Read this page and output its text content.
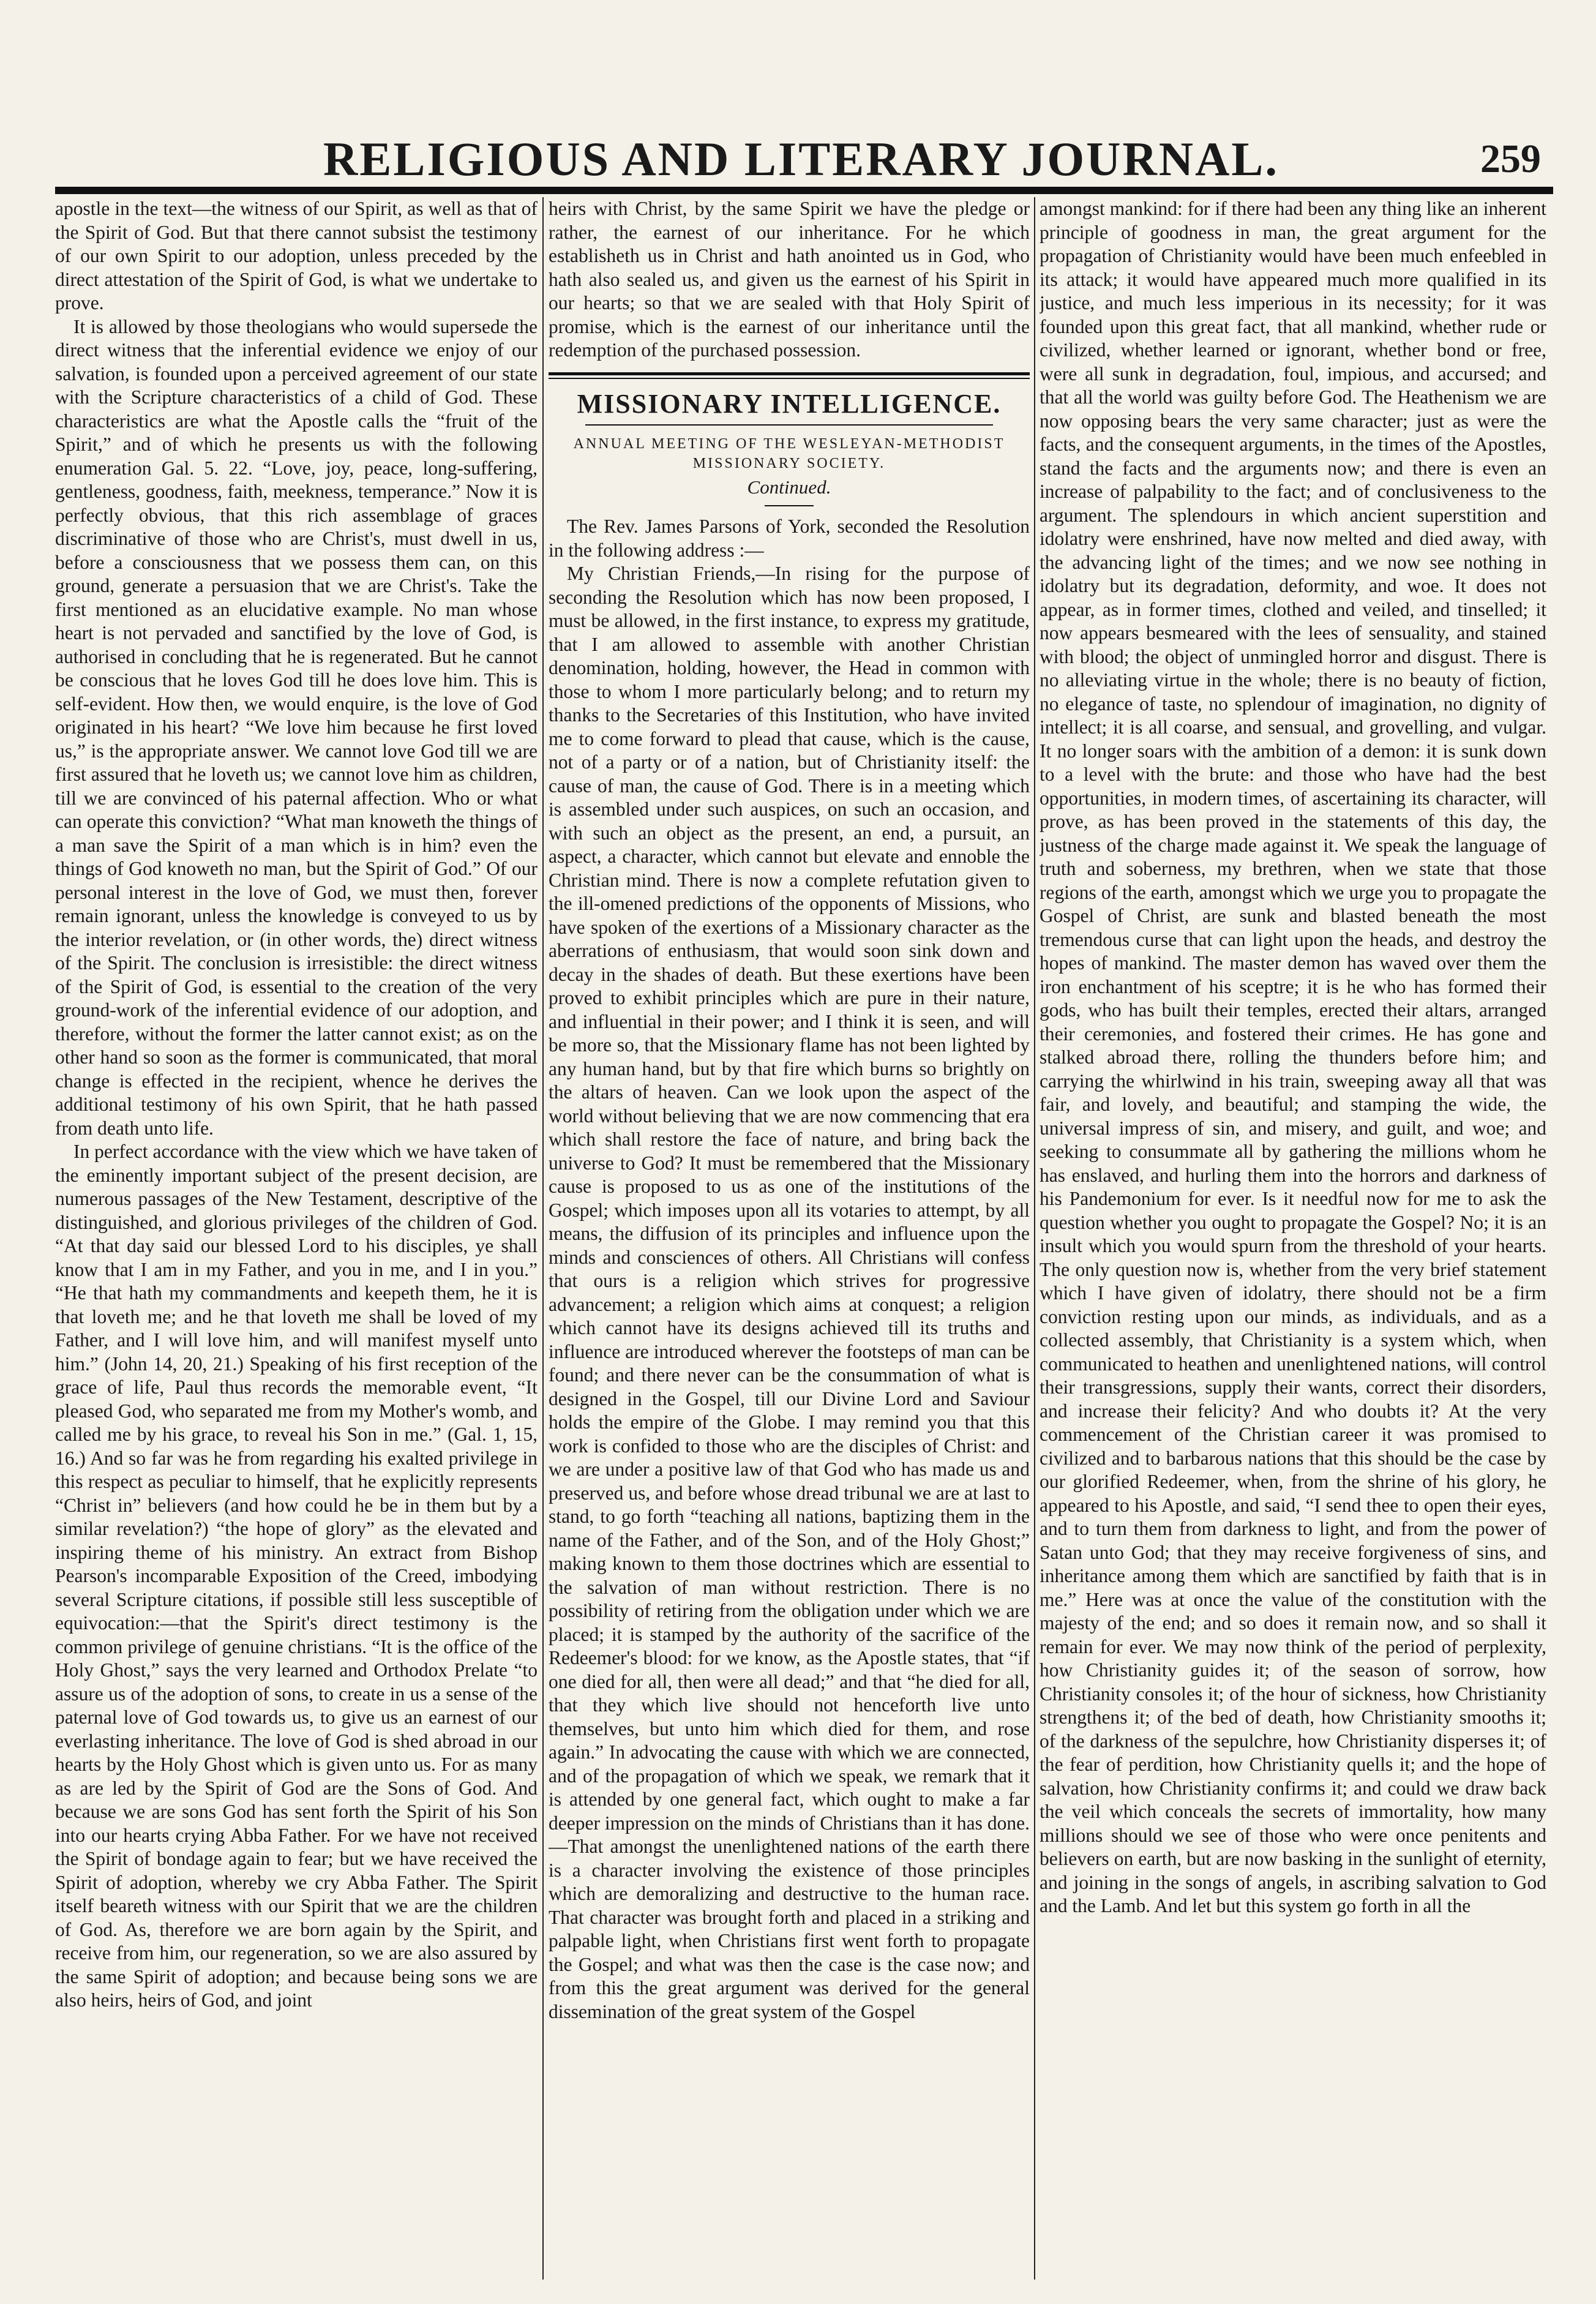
RELIGIOUS AND LITERARY JOURNAL.	259

apostle in the text—the witness of our Spirit, as well as that of the Spirit of God. But that there cannot subsist the testimony of our own Spirit to our adoption, unless preceded by the direct attestation of the Spirit of God, is what we undertake to prove.

It is allowed by those theologians who would supersede the direct witness that the inferential evidence we enjoy of our salvation, is founded upon a perceived agreement of our state with the Scripture characteristics of a child of God. These characteristics are what the Apostle calls the “fruit of the Spirit,” and of which he presents us with the following enumeration Gal. 5. 22. “Love, joy, peace, long-suffering, gentleness, goodness, faith, meekness, temperance.” Now it is perfectly obvious, that this rich assemblage of graces discriminative of those who are Christ's, must dwell in us, before a consciousness that we possess them can, on this ground, generate a persuasion that we are Christ's. Take the first mentioned as an elucidative example. No man whose heart is not pervaded and sanctified by the love of God, is authorised in concluding that he is regenerated. But he cannot be conscious that he loves God till he does love him. This is self-evident. How then, we would enquire, is the love of God originated in his heart? “We love him because he first loved us,” is the appropriate answer. We cannot love God till we are first assured that he loveth us; we cannot love him as children, till we are convinced of his paternal affection. Who or what can operate this conviction? “What man knoweth the things of a man save the Spirit of a man which is in him? even the things of God knoweth no man, but the Spirit of God.” Of our personal interest in the love of God, we must then, forever remain ignorant, unless the knowledge is conveyed to us by the interior revelation, or (in other words, the) direct witness of the Spirit. The conclusion is irresistible: the direct witness of the Spirit of God, is essential to the creation of the very ground-work of the inferential evidence of our adoption, and therefore, without the former the latter cannot exist; as on the other hand so soon as the former is communicated, that moral change is effected in the recipient, whence he derives the additional testimony of his own Spirit, that he hath passed from death unto life.

In perfect accordance with the view which we have taken of the eminently important subject of the present decision, are numerous passages of the New Testament, descriptive of the distinguished, and glorious privileges of the children of God. “At that day said our blessed Lord to his disciples, ye shall know that I am in my Father, and you in me, and I in you.” “He that hath my commandments and keepeth them, he it is that loveth me; and he that loveth me shall be loved of my Father, and I will love him, and will manifest myself unto him.” (John 14, 20, 21.) Speaking of his first reception of the grace of life, Paul thus records the memorable event, “It pleased God, who separated me from my Mother's womb, and called me by his grace, to reveal his Son in me.” (Gal. 1, 15, 16.) And so far was he from regarding his exalted privilege in this respect as peculiar to himself, that he explicitly represents “Christ in” believers (and how could he be in them but by a similar revelation?) “the hope of glory” as the elevated and inspiring theme of his ministry. An extract from Bishop Pearson's incomparable Exposition of the Creed, imbodying several Scripture citations, if possible still less susceptible of equivocation:—that the Spirit's direct testimony is the common privilege of genuine christians. “It is the office of the Holy Ghost,” says the very learned and Orthodox Prelate “to assure us of the adoption of sons, to create in us a sense of the paternal love of God towards us, to give us an earnest of our everlasting inheritance. The love of God is shed abroad in our hearts by the Holy Ghost which is given unto us. For as many as are led by the Spirit of God are the Sons of God. And because we are sons God has sent forth the Spirit of his Son into our hearts crying Abba Father. For we have not received the Spirit of bondage again to fear; but we have received the Spirit of adoption, whereby we cry Abba Father. The Spirit itself beareth witness with our Spirit that we are the children of God. As, therefore we are born again by the Spirit, and receive from him, our regeneration, so we are also assured by the same Spirit of adoption; and because being sons we are also heirs, heirs of God, and joint

heirs with Christ, by the same Spirit we have the pledge or rather, the earnest of our inheritance. For he which establisheth us in Christ and hath anointed us in God, who hath also sealed us, and given us the earnest of his Spirit in our hearts; so that we are sealed with that Holy Spirit of promise, which is the earnest of our inheritance until the redemption of the purchased possession.

MISSIONARY INTELLIGENCE.
ANNUAL MEETING OF THE WESLEYAN-METHODIST MISSIONARY SOCIETY.
Continued.

The Rev. James Parsons of York, seconded the Resolution in the following address :—

My Christian Friends,—In rising for the purpose of seconding the Resolution which has now been proposed, I must be allowed, in the first instance, to express my gratitude, that I am allowed to assemble with another Christian denomination, holding, however, the Head in common with those to whom I more particularly belong; and to return my thanks to the Secretaries of this Institution, who have invited me to come forward to plead that cause, which is the cause, not of a party or of a nation, but of Christianity itself: the cause of man, the cause of God. There is in a meeting which is assembled under such auspices, on such an occasion, and with such an object as the present, an end, a pursuit, an aspect, a character, which cannot but elevate and ennoble the Christian mind. There is now a complete refutation given to the ill-omened predictions of the opponents of Missions, who have spoken of the exertions of a Missionary character as the aberrations of enthusiasm, that would soon sink down and decay in the shades of death. But these exertions have been proved to exhibit principles which are pure in their nature, and influential in their power; and I think it is seen, and will be more so, that the Missionary flame has not been lighted by any human hand, but by that fire which burns so brightly on the altars of heaven. Can we look upon the aspect of the world without believing that we are now commencing that era which shall restore the face of nature, and bring back the universe to God? It must be remembered that the Missionary cause is proposed to us as one of the institutions of the Gospel; which imposes upon all its votaries to attempt, by all means, the diffusion of its principles and influence upon the minds and consciences of others. All Christians will confess that ours is a religion which strives for progressive advancement; a religion which aims at conquest; a religion which cannot have its designs achieved till its truths and influence are introduced wherever the footsteps of man can be found; and there never can be the consummation of what is designed in the Gospel, till our Divine Lord and Saviour holds the empire of the Globe. I may remind you that this work is confided to those who are the disciples of Christ: and we are under a positive law of that God who has made us and preserved us, and before whose dread tribunal we are at last to stand, to go forth “teaching all nations, baptizing them in the name of the Father, and of the Son, and of the Holy Ghost;” making known to them those doctrines which are essential to the salvation of man without restriction. There is no possibility of retiring from the obligation under which we are placed; it is stamped by the authority of the sacrifice of the Redeemer's blood: for we know, as the Apostle states, that “if one died for all, then were all dead;” and that “he died for all, that they which live should not henceforth live unto themselves, but unto him which died for them, and rose again.” In advocating the cause with which we are connected, and of the propagation of which we speak, we remark that it is attended by one general fact, which ought to make a far deeper impression on the minds of Christians than it has done.—That amongst the unenlightened nations of the earth there is a character involving the existence of those principles which are demoralizing and destructive to the human race. That character was brought forth and placed in a striking and palpable light, when Christians first went forth to propagate the Gospel; and what was then the case is the case now; and from this the great argument was derived for the general dissemination of the great system of the Gospel

amongst mankind: for if there had been any thing like an inherent principle of goodness in man, the great argument for the propagation of Christianity would have been much enfeebled in its attack; it would have appeared much more qualified in its justice, and much less imperious in its necessity; for it was founded upon this great fact, that all mankind, whether rude or civilized, whether learned or ignorant, whether bond or free, were all sunk in degradation, foul, impious, and accursed; and that all the world was guilty before God. The Heathenism we are now opposing bears the very same character; just as were the facts, and the consequent arguments, in the times of the Apostles, stand the facts and the arguments now; and there is even an increase of palpability to the fact; and of conclusiveness to the argument. The splendours in which ancient superstition and idolatry were enshrined, have now melted and died away, with the advancing light of the times; and we now see nothing in idolatry but its degradation, deformity, and woe. It does not appear, as in former times, clothed and veiled, and tinselled; it now appears besmeared with the lees of sensuality, and stained with blood; the object of unmingled horror and disgust. There is no alleviating virtue in the whole; there is no beauty of fiction, no elegance of taste, no splendour of imagination, no dignity of intellect; it is all coarse, and sensual, and grovelling, and vulgar. It no longer soars with the ambition of a demon: it is sunk down to a level with the brute: and those who have had the best opportunities, in modern times, of ascertaining its character, will prove, as has been proved in the statements of this day, the justness of the charge made against it. We speak the language of truth and soberness, my brethren, when we state that those regions of the earth, amongst which we urge you to propagate the Gospel of Christ, are sunk and blasted beneath the most tremendous curse that can light upon the heads, and destroy the hopes of mankind. The master demon has waved over them the iron enchantment of his sceptre; it is he who has formed their gods, who has built their temples, erected their altars, arranged their ceremonies, and fostered their crimes. He has gone and stalked abroad there, rolling the thunders before him; and carrying the whirlwind in his train, sweeping away all that was fair, and lovely, and beautiful; and stamping the wide, the universal impress of sin, and misery, and guilt, and woe; and seeking to consummate all by gathering the millions whom he has enslaved, and hurling them into the horrors and darkness of his Pandemonium for ever. Is it needful now for me to ask the question whether you ought to propagate the Gospel? No; it is an insult which you would spurn from the threshold of your hearts. The only question now is, whether from the very brief statement which I have given of idolatry, there should not be a firm conviction resting upon our minds, as individuals, and as a collected assembly, that Christianity is a system which, when communicated to heathen and unenlightened nations, will control their transgressions, supply their wants, correct their disorders, and increase their felicity? And who doubts it? At the very commencement of the Christian career it was promised to civilized and to barbarous nations that this should be the case by our glorified Redeemer, when, from the shrine of his glory, he appeared to his Apostle, and said, “I send thee to open their eyes, and to turn them from darkness to light, and from the power of Satan unto God; that they may receive forgiveness of sins, and inheritance among them which are sanctified by faith that is in me.” Here was at once the value of the constitution with the majesty of the end; and so does it remain now, and so shall it remain for ever. We may now think of the period of perplexity, how Christianity guides it; of the season of sorrow, how Christianity consoles it; of the hour of sickness, how Christianity strengthens it; of the bed of death, how Christianity smooths it; of the darkness of the sepulchre, how Christianity disperses it; of the fear of perdition, how Christianity quells it; and the hope of salvation, how Christianity confirms it; and could we draw back the veil which conceals the secrets of immortality, how many millions should we see of those who were once penitents and believers on earth, but are now basking in the sunlight of eternity, and joining in the songs of angels, in ascribing salvation to God and the Lamb. And let but this system go forth in all the
